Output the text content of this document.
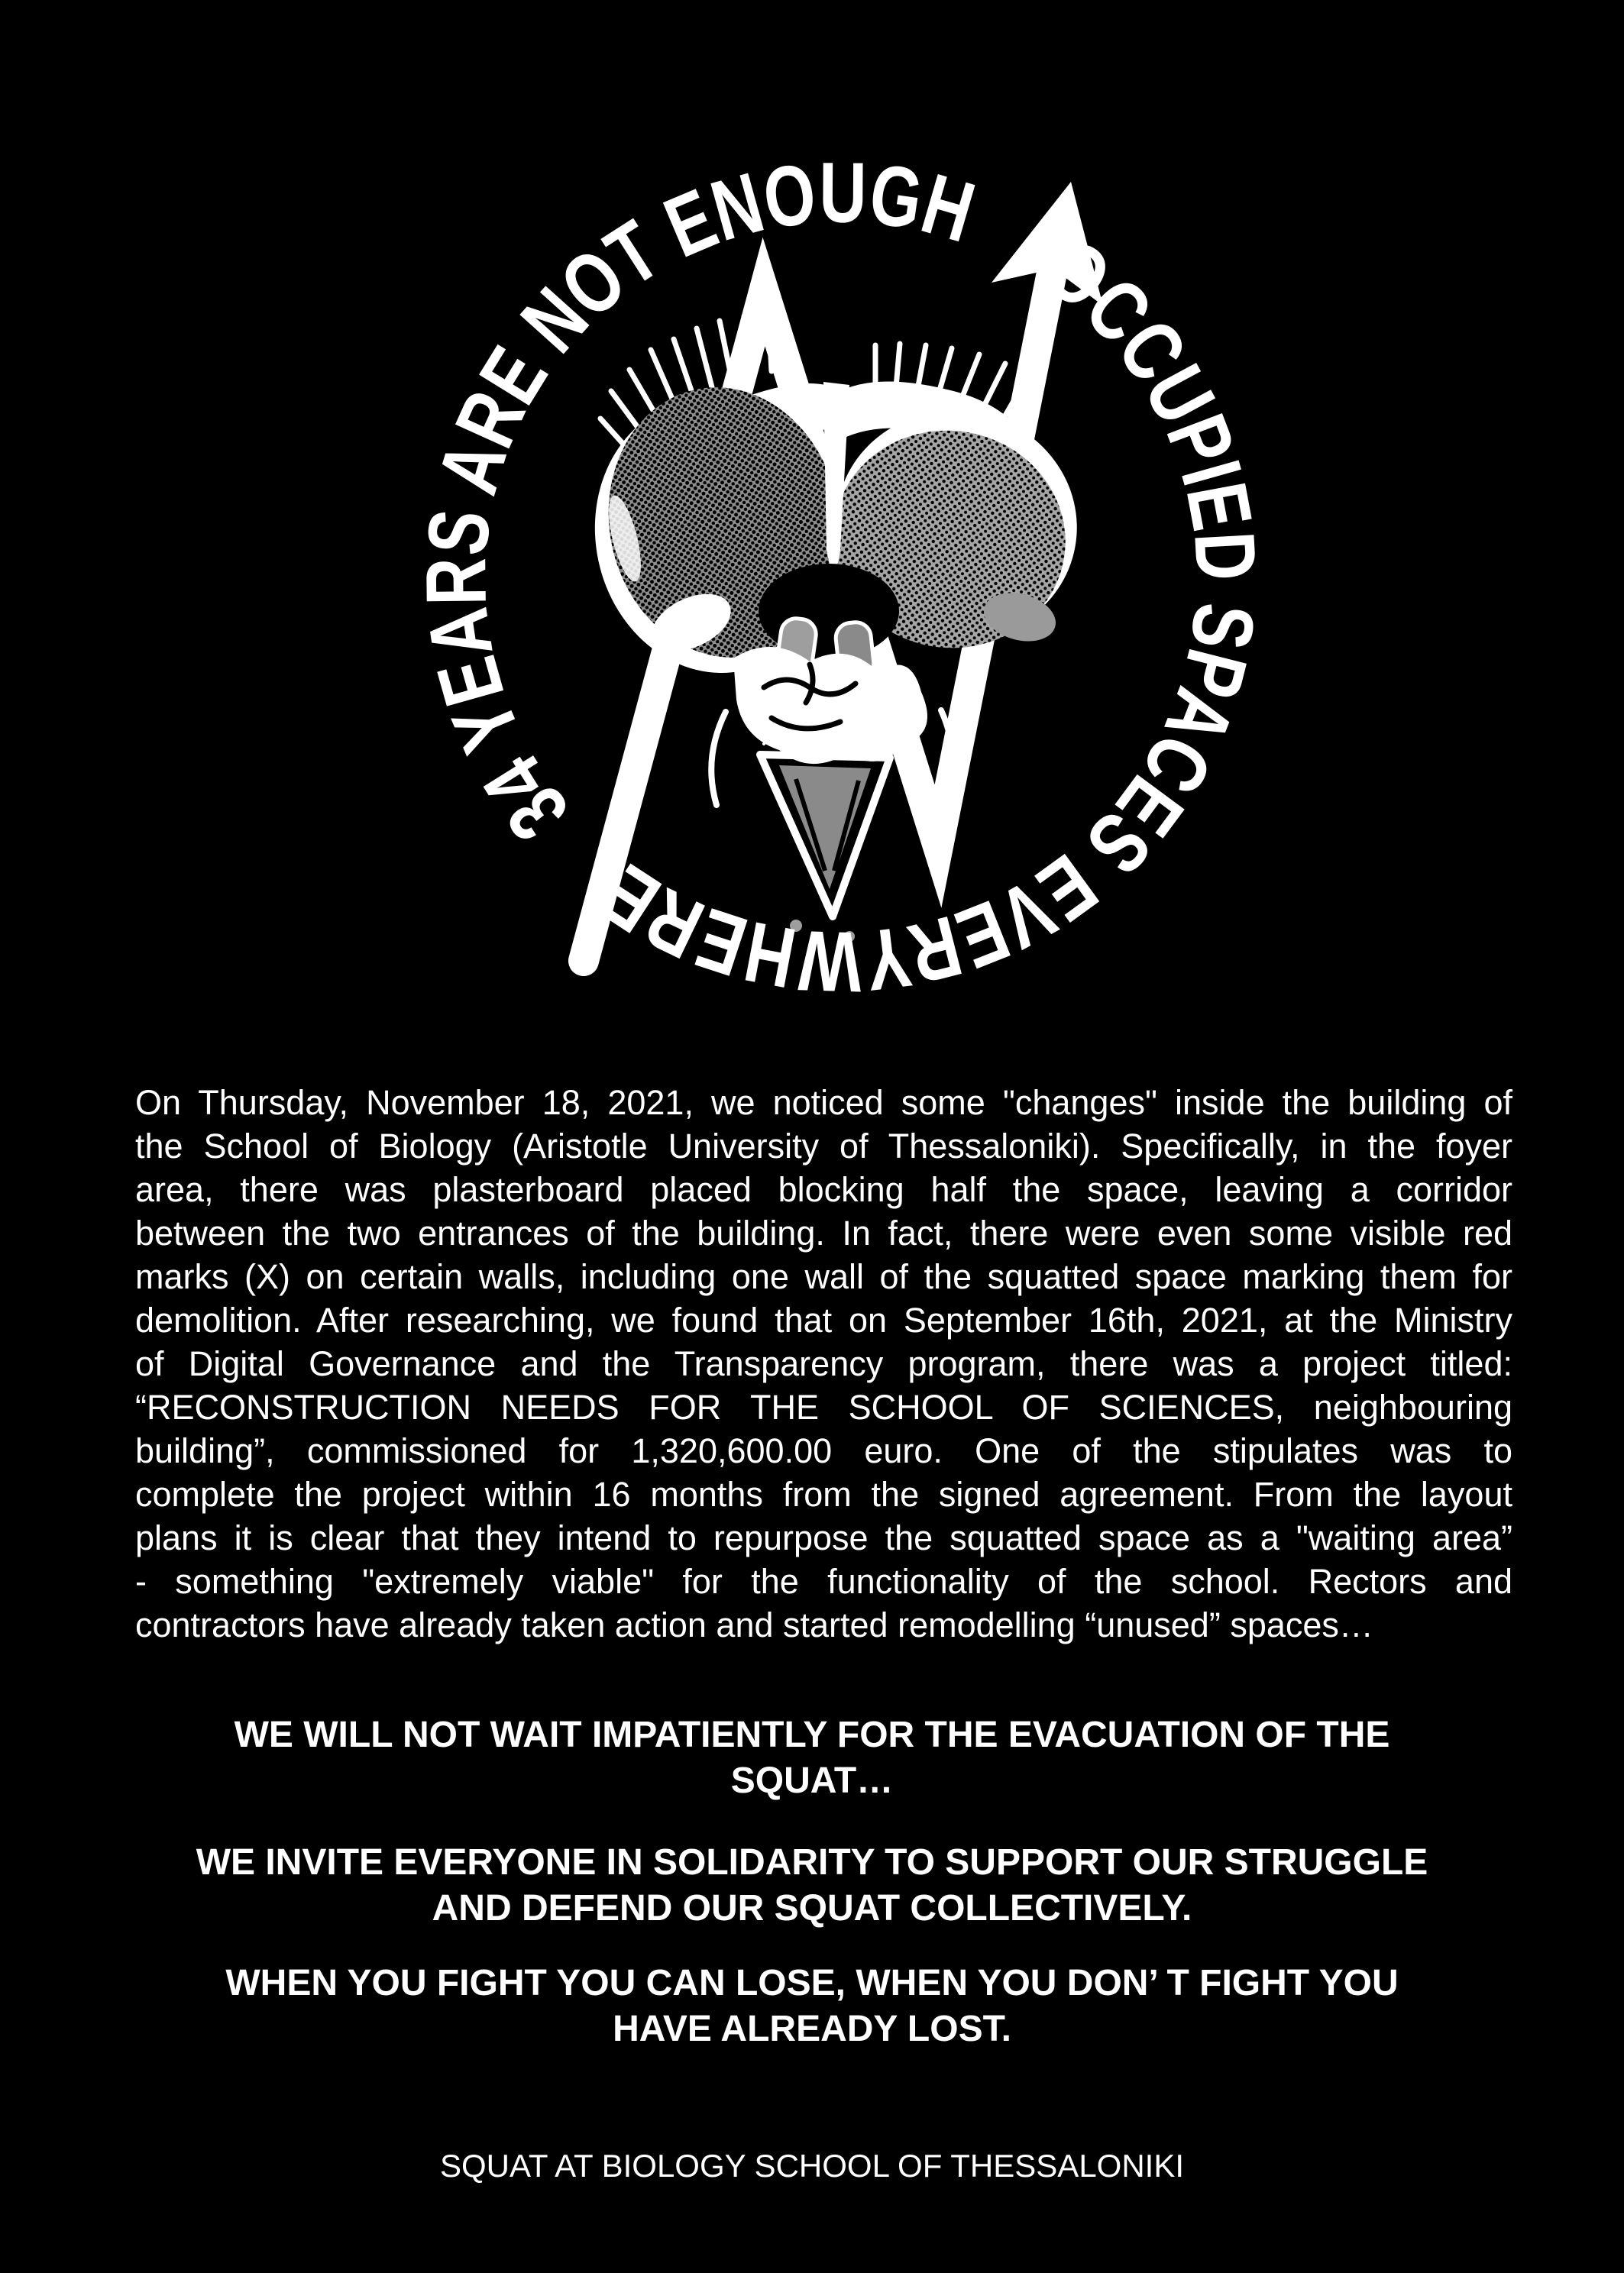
34 YEARS ARE NOT ENOUGH
OCCUPIED SPACES EVERYWHERE
On Thursday, November 18, 2021, we noticed some "changes" inside the building of
the School of Biology (Aristotle University of Thessaloniki). Specifically, in the foyer
area, there was plasterboard placed blocking half the space, leaving a corridor
between the two entrances of the building. In fact, there were even some visible red
marks (X) on certain walls, including one wall of the squatted space marking them for
demolition. After researching, we found that on September 16th, 2021, at the Ministry
of Digital Governance and the Transparency program, there was a project titled:
“RECONSTRUCTION NEEDS FOR THE SCHOOL OF SCIENCES, neighbouring
building”, commissioned for 1,320,600.00 euro. One of the stipulates was to
complete the project within 16 months from the signed agreement. From the layout
plans it is clear that they intend to repurpose the squatted space as a "waiting area”
- something "extremely viable" for the functionality of the school. Rectors and
contractors have already taken action and started remodelling “unused” spaces…
WE WILL NOT WAIT IMPATIENTLY FOR THE EVACUATION OF THE
SQUAT…
WE INVITE EVERYONE IN SOLIDARITY TO SUPPORT OUR STRUGGLE
AND DEFEND OUR SQUAT COLLECTIVELY.
WHEN YOU FIGHT YOU CAN LOSE, WHEN YOU DON’ T FIGHT YOU
HAVE ALREADY LOST.
SQUAT AT BIOLOGY SCHOOL OF THESSALONIKI
